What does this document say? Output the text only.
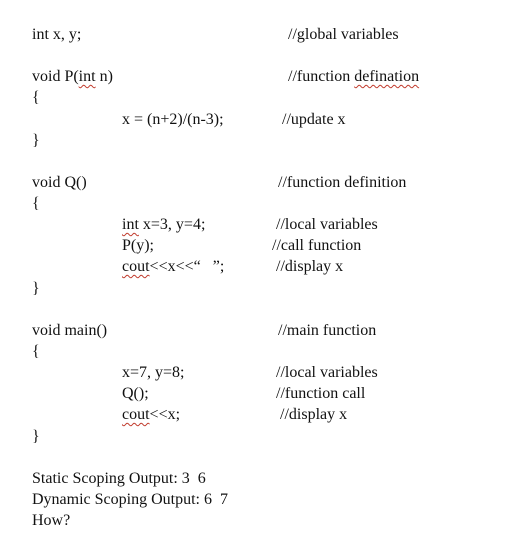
int x, y;	//global variables
void P(int n)	//function defination
{
x = (n+2)/(n-3);	//update x
}
void Q()	//function definition
{
int x=3, y=4;	//local variables
P(y);	//call function
cout<<x<<“   ”;	//display x
}
void main()	//main function
{
x=7, y=8;	//local variables
Q();	//function call
cout<<x;	//display x
}
Static Scoping Output: 3  6
Dynamic Scoping Output: 6  7
How?
